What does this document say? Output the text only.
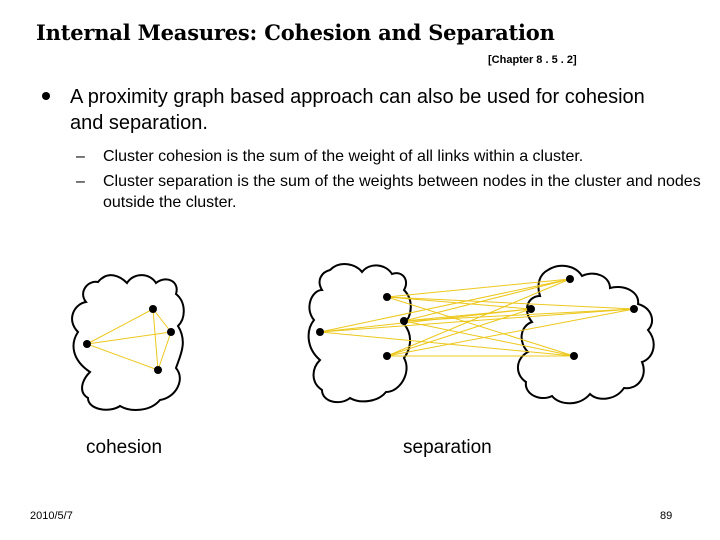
Internal Measures: Cohesion and Separation
[Chapter 8 . 5 . 2]
A proximity graph based approach can also be used for cohesion and separation.
– Cluster cohesion is the sum of the weight of all links within a cluster.
– Cluster separation is the sum of the weights between nodes in the cluster and nodes outside the cluster.
cohesion	separation
2010/5/7	89
